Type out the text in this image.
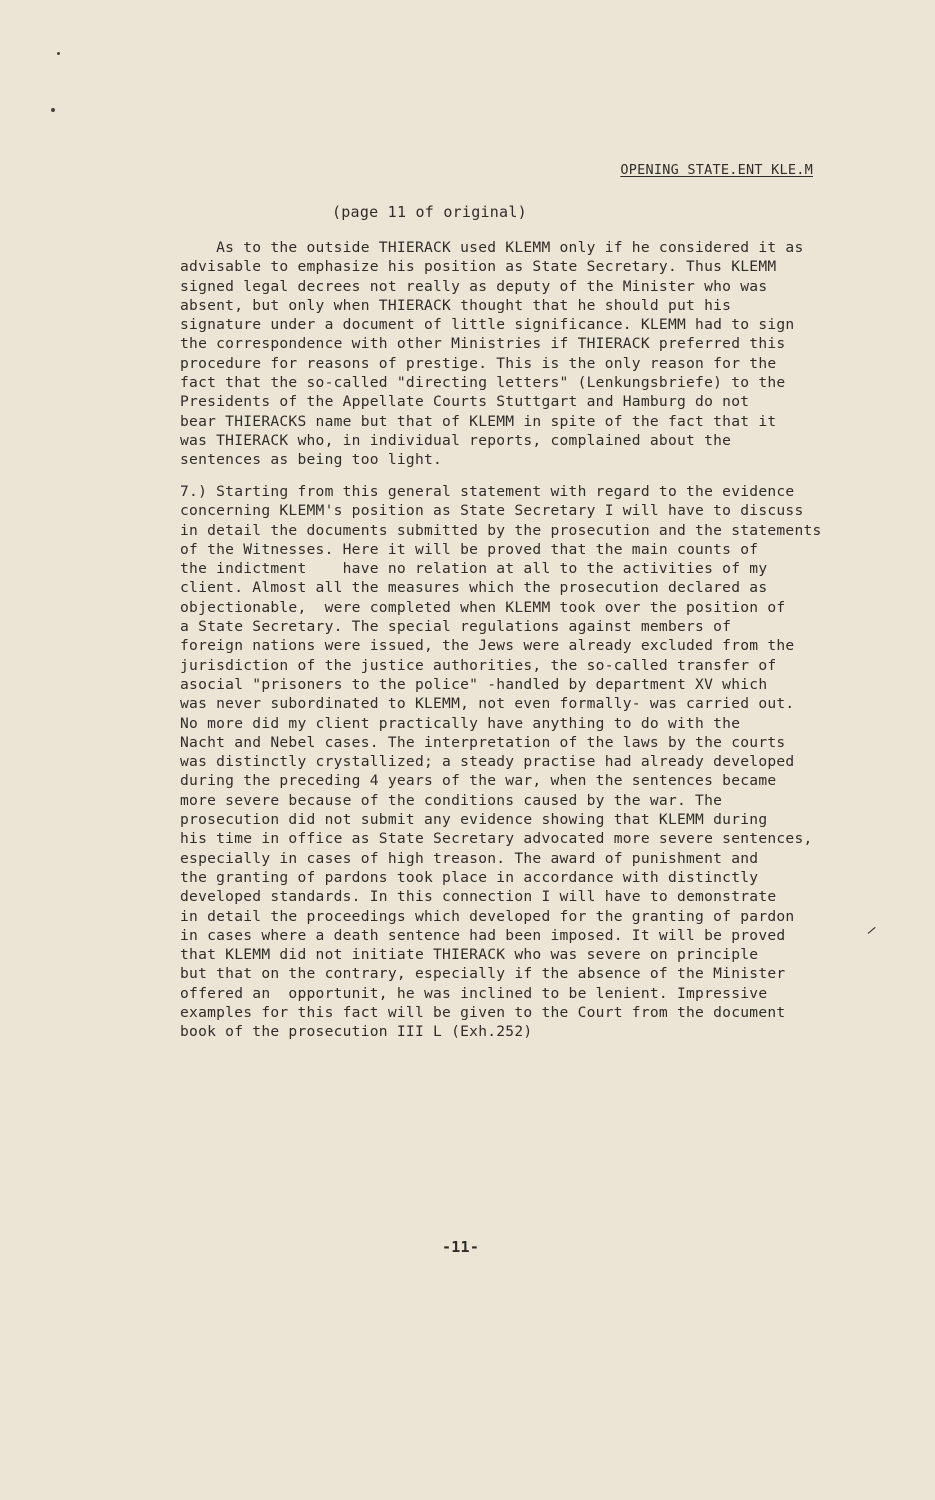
OPENING STATE.ENT KLE.M
(page 11 of original)
As to the outside THIERACK used KLEMM only if he considered it as
advisable to emphasize his position as State Secretary. Thus KLEMM
signed legal decrees not really as deputy of the Minister who was
absent, but only when THIERACK thought that he should put his
signature under a document of little significance. KLEMM had to sign
the correspondence with other Ministries if THIERACK preferred this
procedure for reasons of prestige. This is the only reason for the
fact that the so-called "directing letters" (Lenkungsbriefe) to the
Presidents of the Appellate Courts Stuttgart and Hamburg do not
bear THIERACKS name but that of KLEMM in spite of the fact that it
was THIERACK who, in individual reports, complained about the
sentences as being too light.
7.) Starting from this general statement with regard to the evidence
concerning KLEMM's position as State Secretary I will have to discuss
in detail the documents submitted by the prosecution and the statements
of the Witnesses. Here it will be proved that the main counts of
the indictment    have no relation at all to the activities of my
client. Almost all the measures which the prosecution declared as
objectionable,  were completed when KLEMM took over the position of
a State Secretary. The special regulations against members of
foreign nations were issued, the Jews were already excluded from the
jurisdiction of the justice authorities, the so-called transfer of
asocial "prisoners to the police" -handled by department XV which
was never subordinated to KLEMM, not even formally- was carried out.
No more did my client practically have anything to do with the
Nacht and Nebel cases. The interpretation of the laws by the courts
was distinctly crystallized; a steady practise had already developed
during the preceding 4 years of the war, when the sentences became
more severe because of the conditions caused by the war. The
prosecution did not submit any evidence showing that KLEMM during
his time in office as State Secretary advocated more severe sentences,
especially in cases of high treason. The award of punishment and
the granting of pardons took place in accordance with distinctly
developed standards. In this connection I will have to demonstrate
in detail the proceedings which developed for the granting of pardon
in cases where a death sentence had been imposed. It will be proved
that KLEMM did not initiate THIERACK who was severe on principle
but that on the contrary, especially if the absence of the Minister
offered an  opportunit, he was inclined to be lenient. Impressive
examples for this fact will be given to the Court from the document
book of the prosecution III L (Exh.252)
—
-11-
